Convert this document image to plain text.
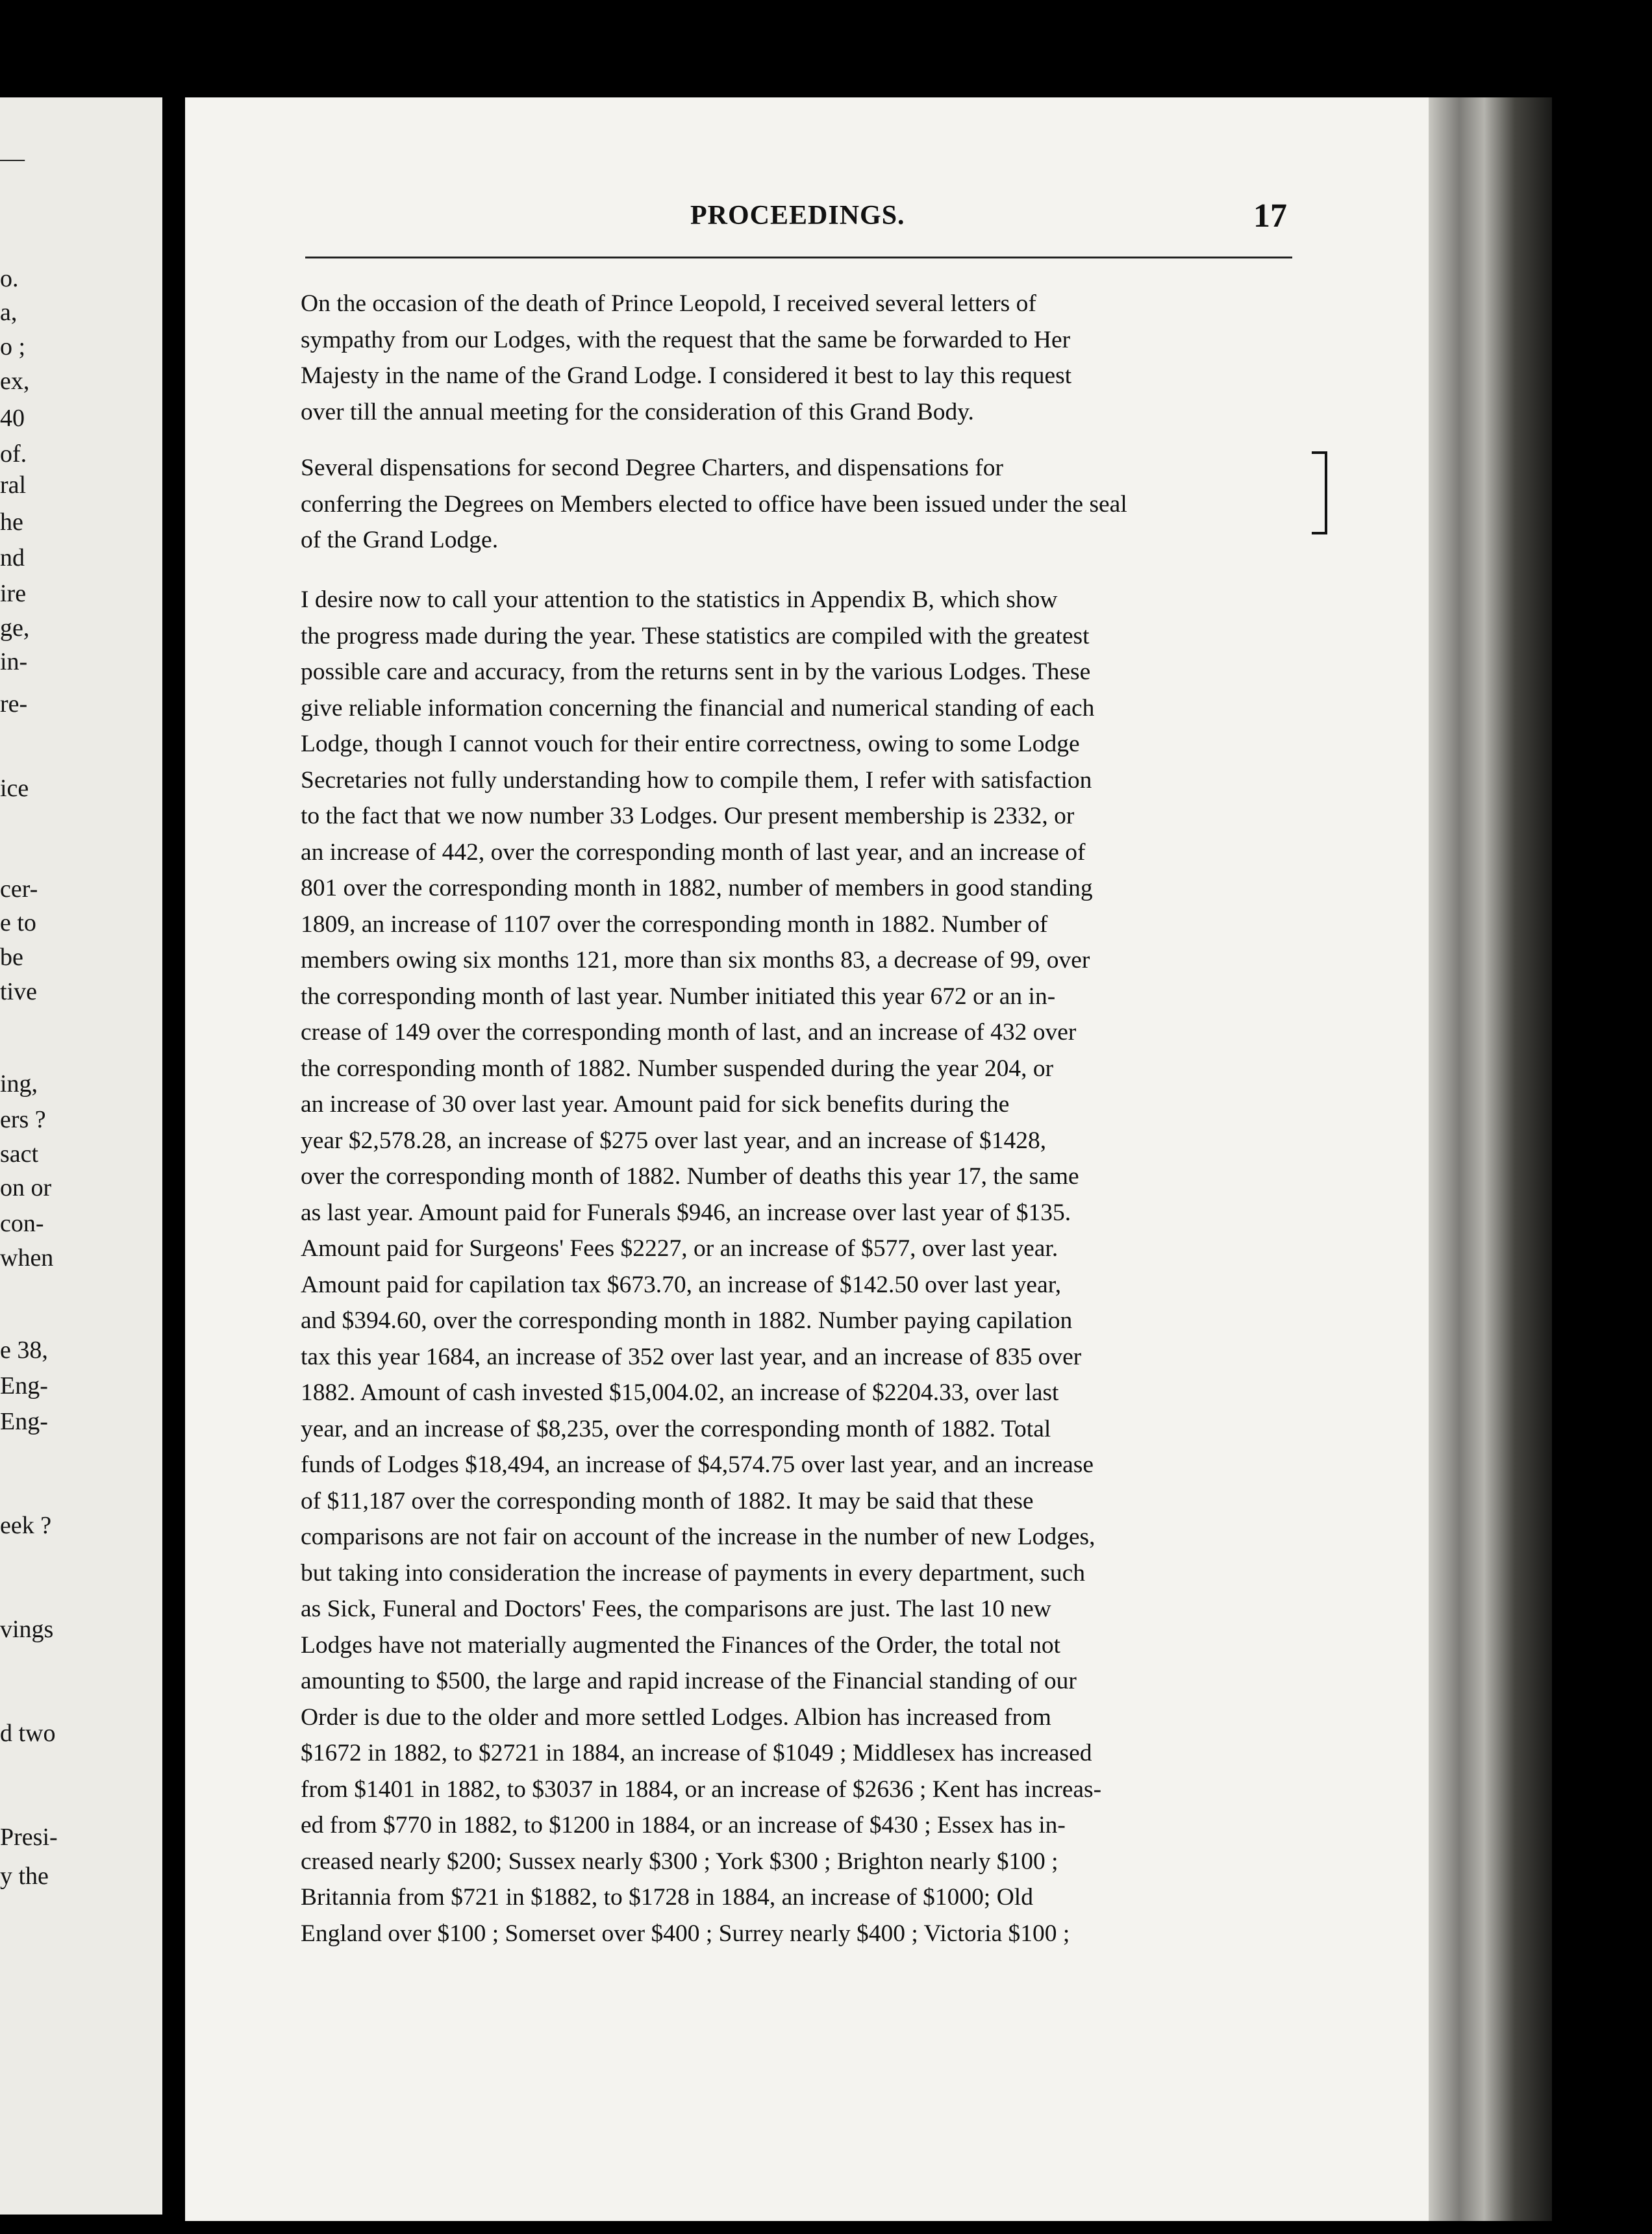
—
o.
a,
o ;
ex,
40
of.
ral
he
nd
ire
ge,
in-
re-
ice
cer-
e to
be
tive
ing,
ers ?
sact
on or
con-
when
e 38,
Eng-
Eng-
eek ?
vings
d two
Presi-
y the
PROCEEDINGS.	17
On the occasion of the death of Prince Leopold, I received several letters of
sympathy from our Lodges, with the request that the same be forwarded to Her
Majesty in the name of the Grand Lodge. I considered it best to lay this request
over till the annual meeting for the consideration of this Grand Body.
Several dispensations for second Degree Charters, and dispensations for
conferring the Degrees on Members elected to office have been issued under the seal
of the Grand Lodge.
I desire now to call your attention to the statistics in Appendix B, which show
the progress made during the year. These statistics are compiled with the greatest
possible care and accuracy, from the returns sent in by the various Lodges. These
give reliable information concerning the financial and numerical standing of each
Lodge, though I cannot vouch for their entire correctness, owing to some Lodge
Secretaries not fully understanding how to compile them, I refer with satisfaction
to the fact that we now number 33 Lodges. Our present membership is 2332, or
an increase of 442, over the corresponding month of last year, and an increase of
801 over the corresponding month in 1882, number of members in good standing
1809, an increase of 1107 over the corresponding month in 1882. Number of
members owing six months 121, more than six months 83, a decrease of 99, over
the corresponding month of last year. Number initiated this year 672 or an in-
crease of 149 over the corresponding month of last, and an increase of 432 over
the corresponding month of 1882. Number suspended during the year 204, or
an increase of 30 over last year. Amount paid for sick benefits during the
year $2,578.28, an increase of $275 over last year, and an increase of $1428,
over the corresponding month of 1882. Number of deaths this year 17, the same
as last year. Amount paid for Funerals $946, an increase over last year of $135.
Amount paid for Surgeons' Fees $2227, or an increase of $577, over last year.
Amount paid for capilation tax $673.70, an increase of $142.50 over last year,
and $394.60, over the corresponding month in 1882. Number paying capilation
tax this year 1684, an increase of 352 over last year, and an increase of 835 over
1882. Amount of cash invested $15,004.02, an increase of $2204.33, over last
year, and an increase of $8,235, over the corresponding month of 1882. Total
funds of Lodges $18,494, an increase of $4,574.75 over last year, and an increase
of $11,187 over the corresponding month of 1882. It may be said that these
comparisons are not fair on account of the increase in the number of new Lodges,
but taking into consideration the increase of payments in every department, such
as Sick, Funeral and Doctors' Fees, the comparisons are just. The last 10 new
Lodges have not materially augmented the Finances of the Order, the total not
amounting to $500, the large and rapid increase of the Financial standing of our
Order is due to the older and more settled Lodges. Albion has increased from
$1672 in 1882, to $2721 in 1884, an increase of $1049 ; Middlesex has increased
from $1401 in 1882, to $3037 in 1884, or an increase of $2636 ; Kent has increas-
ed from $770 in 1882, to $1200 in 1884, or an increase of $430 ; Essex has in-
creased nearly $200; Sussex nearly $300 ; York $300 ; Brighton nearly $100 ;
Britannia from $721 in $1882, to $1728 in 1884, an increase of $1000; Old
England over $100 ; Somerset over $400 ; Surrey nearly $400 ; Victoria $100 ;
